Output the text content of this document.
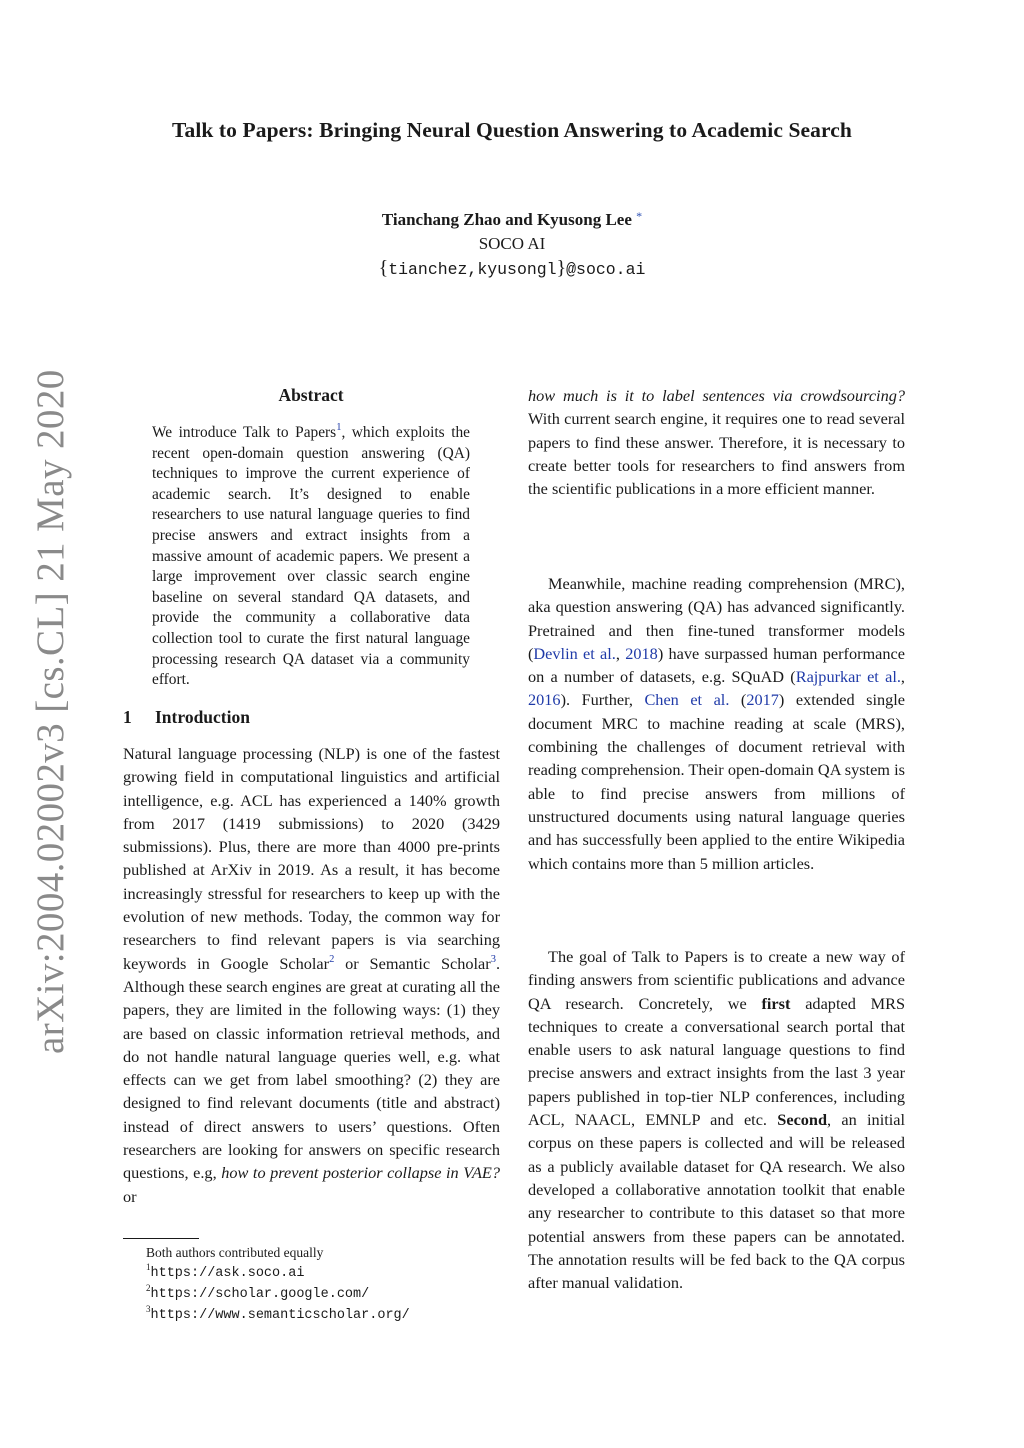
arXiv:2004.02002v3 [cs.CL] 21 May 2020
Talk to Papers: Bringing Neural Question Answering to Academic Search
Tianchang Zhao and Kyusong Lee *
SOCO AI
{tianchez,kyusongl}@soco.ai
Abstract

We introduce Talk to Papers$^1$, which exploits the recent open-domain question answering (QA) techniques to improve the current experience of academic search. It’s designed to enable researchers to use natural language queries to find precise answers and extract insights from a massive amount of academic papers. We present a large improvement over classic search engine baseline on several standard QA datasets, and provide the community a collaborative data collection tool to curate the first natural language processing research QA dataset via a community effort.

1 Introduction

Natural language processing (NLP) is one of the fastest growing field in computational linguistics and artificial intelligence, e.g. ACL has experienced a 140% growth from 2017 (1419 submissions) to 2020 (3429 submissions). Plus, there are more than 4000 pre-prints published at ArXiv in 2019. As a result, it has become increasingly stressful for researchers to keep up with the evolution of new methods. Today, the common way for researchers to find relevant papers is via searching keywords in Google Scholar$^2$ or Semantic Scholar$^3$. Although these search engines are great at curating all the papers, they are limited in the following ways: (1) they are based on classic information retrieval methods, and do not handle natural language queries well, e.g. what effects can we get from label smoothing? (2) they are designed to find relevant documents (title and abstract) instead of direct answers to users’ questions. Often researchers are looking for answers on specific research questions, e.g, how to prevent posterior collapse in VAE? or

Both authors contributed equally
$^1$https://ask.soco.ai
$^2$https://scholar.google.com/
$^3$https://www.semanticscholar.org/

how much is it to label sentences via crowdsourcing? With current search engine, it requires one to read several papers to find these answer. Therefore, it is necessary to create better tools for researchers to find answers from the scientific publications in a more efficient manner.

Meanwhile, machine reading comprehension (MRC), aka question answering (QA) has advanced significantly. Pretrained and then fine-tuned transformer models (Devlin et al., 2018) have surpassed human performance on a number of datasets, e.g. SQuAD (Rajpurkar et al., 2016). Further, Chen et al. (2017) extended single document MRC to machine reading at scale (MRS), combining the challenges of document retrieval with reading comprehension. Their open-domain QA system is able to find precise answers from millions of unstructured documents using natural language queries and has successfully been applied to the entire Wikipedia which contains more than 5 million articles.

The goal of Talk to Papers is to create a new way of finding answers from scientific publications and advance QA research. Concretely, we first adapted MRS techniques to create a conversational search portal that enable users to ask natural language questions to find precise answers and extract insights from the last 3 year papers published in top-tier NLP conferences, including ACL, NAACL, EMNLP and etc. Second, an initial corpus on these papers is collected and will be released as a publicly available dataset for QA research. We also developed a collaborative annotation toolkit that enable any researcher to contribute to this dataset so that more potential answers from these papers can be annotated. The annotation results will be fed back to the QA corpus after manual validation.
